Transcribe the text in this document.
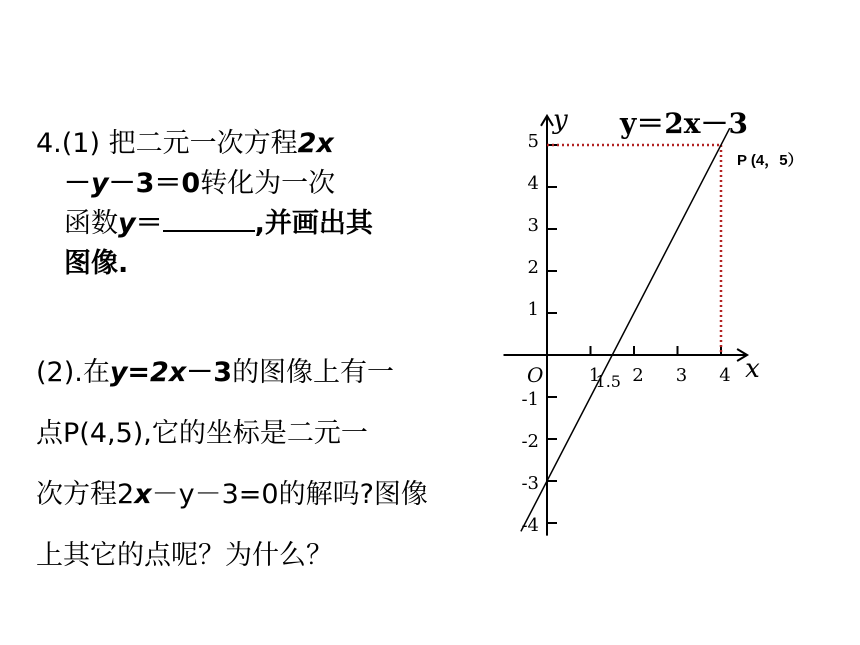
4.(1) 把二元一次方程2x
－y－3＝0转化为一次
函数y＝	,并画出其
图像.
(2).在y=2x－3的图像上有一
点P(4,5),它的坐标是二元一
次方程2x－y－3=0的解吗?图像
上其它的点呢？为什么？
1 2 3 4
5
4
3
2
1
-1
-2
-3
-4
O	x
y y＝2x－3
P (4，5）
1.5
